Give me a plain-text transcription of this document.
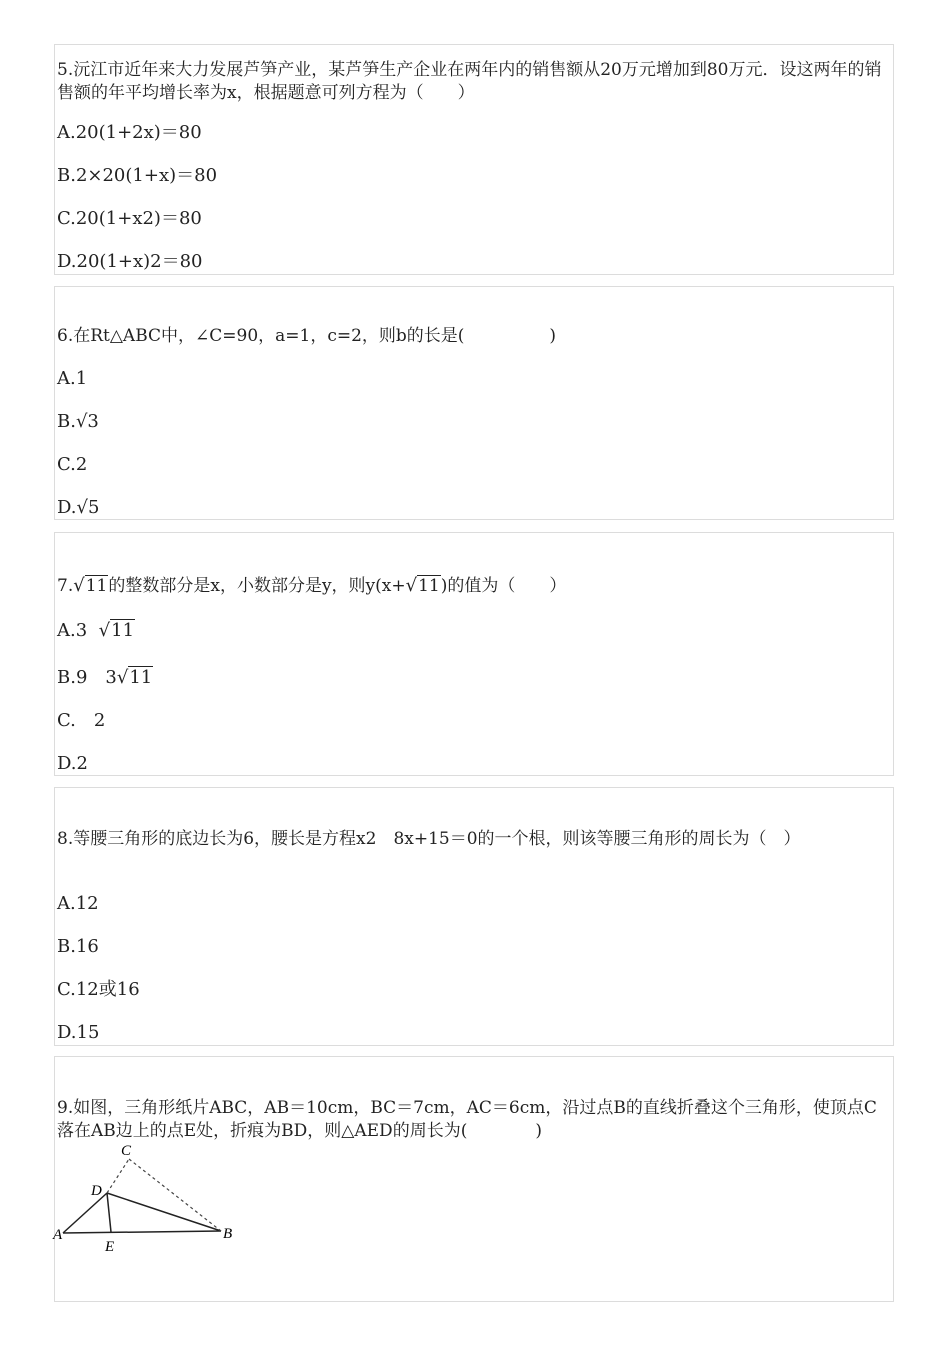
5.沅江市近年来大力发展芦笋产业，某芦笋生产企业在两年内的销售额从20万元增加到80万元．设这两年的销售额的年平均增长率为x，根据题意可列方程为（　　）
A.20(1+2x)＝80
B.2×20(1+x)＝80
C.20(1+x2)＝80
D.20(1+x)2＝80
6.在Rt△ABC中，∠C=90，a=1，c=2，则b的长是(　　　　　)
A.1
B.√3
C.2
D.√5
7.√11的整数部分是x，小数部分是y，则y(x+√11)的值为（　　）
A.3 √11
B.9　3√11
C.　2
D.2
8.等腰三角形的底边长为6，腰长是方程x2　8x+15＝0的一个根，则该等腰三角形的周长为（　）
A.12
B.16
C.12或16
D.15
9.如图，三角形纸片ABC，AB＝10cm，BC＝7cm，AC＝6cm，沿过点B的直线折叠这个三角形，使顶点C落在AB边上的点E处，折痕为BD，则△AED的周长为(　　　　)
C
D
A
E
B
